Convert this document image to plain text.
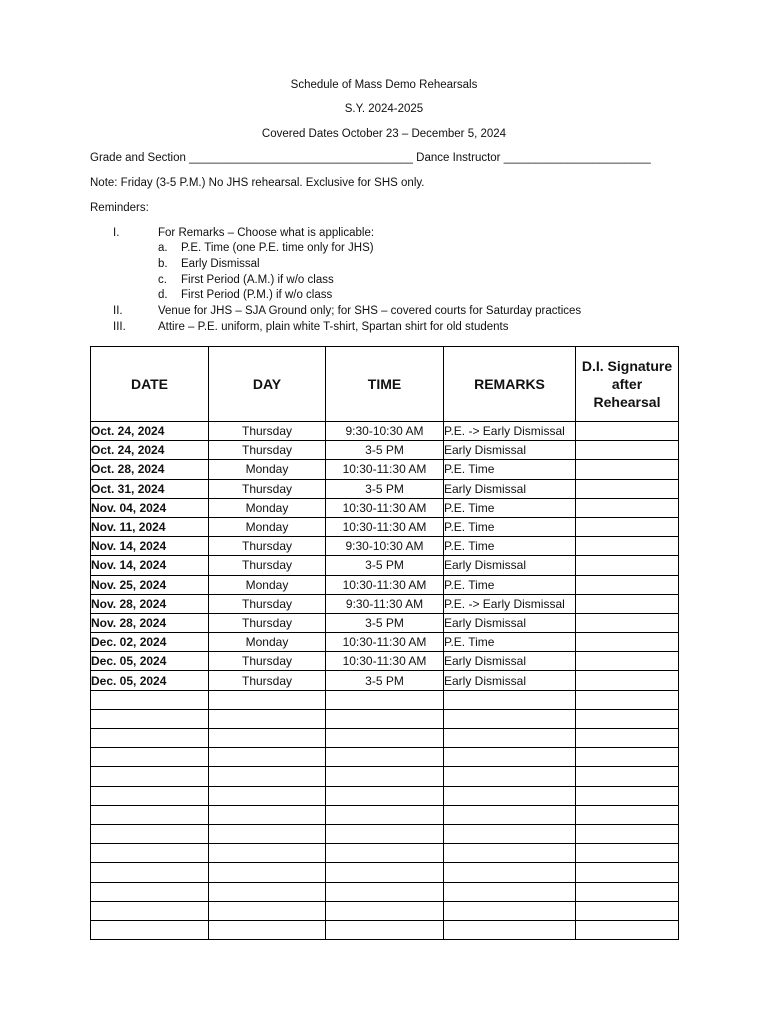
Schedule of Mass Demo Rehearsals
S.Y. 2024-2025
Covered Dates October 23 – December 5, 2024
Grade and Section ___________________________________ Dance Instructor _______________________
Note: Friday (3-5 P.M.) No JHS rehearsal. Exclusive for SHS only.
Reminders:
I.	For Remarks – Choose what is applicable:
a. P.E. Time (one P.E. time only for JHS)
b. Early Dismissal
c. First Period (A.M.) if w/o class
d. First Period (P.M.) if w/o class
II.	Venue for JHS – SJA Ground only; for SHS – covered courts for Saturday practices
III.	Attire – P.E. uniform, plain white T-shirt, Spartan shirt for old students
DATE	DAY	TIME	REMARKS	D.I. Signature after Rehearsal
Oct. 24, 2024	Thursday	9:30-10:30 AM	P.E. -> Early Dismissal	
Oct. 24, 2024	Thursday	3-5 PM	Early Dismissal	
Oct. 28, 2024	Monday	10:30-11:30 AM	P.E. Time	
Oct. 31, 2024	Thursday	3-5 PM	Early Dismissal	
Nov. 04, 2024	Monday	10:30-11:30 AM	P.E. Time	
Nov. 11, 2024	Monday	10:30-11:30 AM	P.E. Time	
Nov. 14, 2024	Thursday	9:30-10:30 AM	P.E. Time	
Nov. 14, 2024	Thursday	3-5 PM	Early Dismissal	
Nov. 25, 2024	Monday	10:30-11:30 AM	P.E. Time	
Nov. 28, 2024	Thursday	9:30-11:30 AM	P.E. -> Early Dismissal	
Nov. 28, 2024	Thursday	3-5 PM	Early Dismissal	
Dec. 02, 2024	Monday	10:30-11:30 AM	P.E. Time	
Dec. 05, 2024	Thursday	10:30-11:30 AM	Early Dismissal	
Dec. 05, 2024	Thursday	3-5 PM	Early Dismissal	
